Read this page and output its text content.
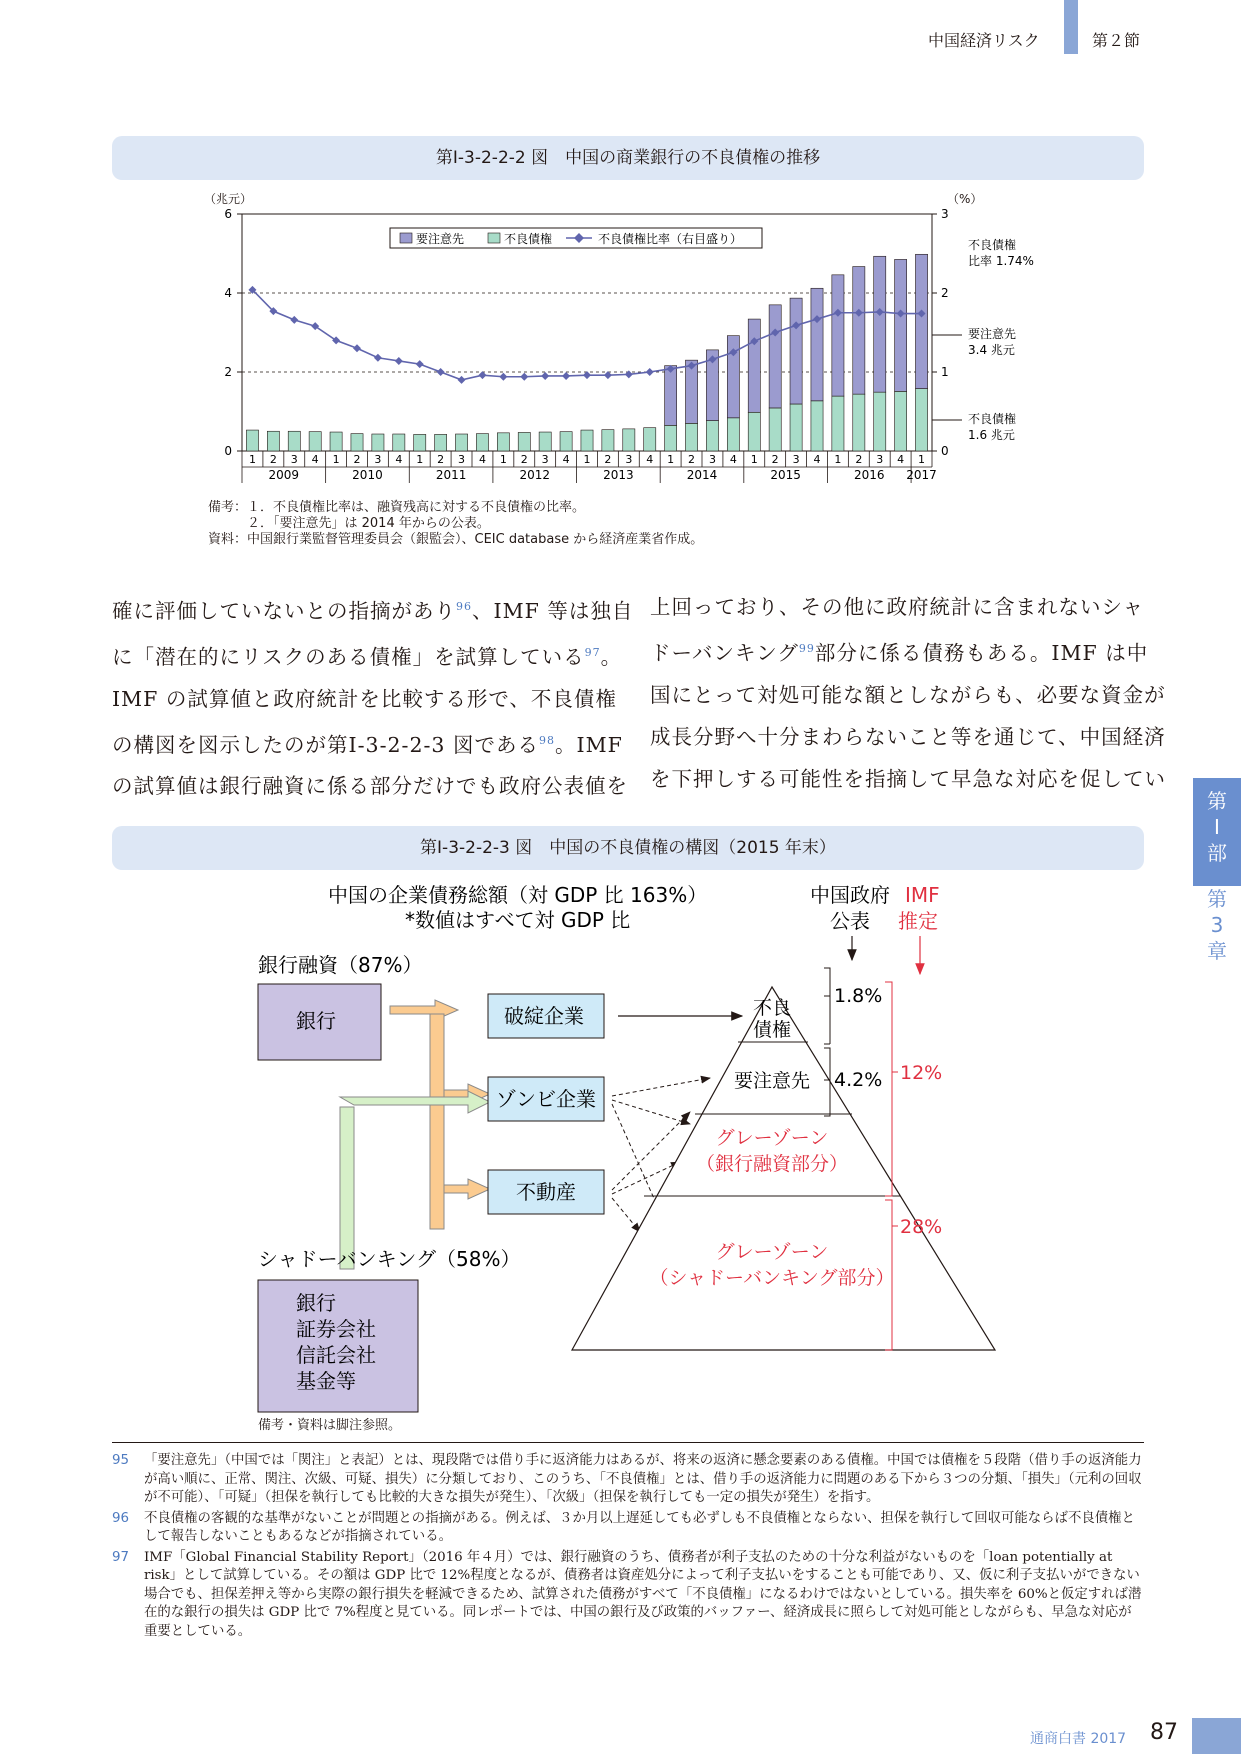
中国経済リスク	第２節
第Ⅰ-3-2-2-2 図　中国の商業銀行の不良債権の推移
（兆元）	（%）
要注意先	不良債権	不良債権比率（右目盛り）	不良債権
比率 1.74%
要注意先
3.4 兆元
不良債権
1.6 兆元
0
2
4
6
0
1
2
3
1 2 3 4 1 2 3 4 1 2 3 4 1 2 3 4 1 2 3 4 1 2 3 4 1 2 3 4 1 2 3 4 1
2009	2010	2011	2012	2013	2014	2015	2016 2017
備考：１．不良債権比率は、融資残高に対する不良債権の比率。
　　　２．「要注意先」は 2014 年からの公表。
資料：中国銀行業監督管理委員会（銀監会）、CEIC database から経済産業省作成。

確に評価していないとの指摘があり$^{96}$、IMF 等は独自

に「潜在的にリスクのある債権」を試算している$^{97}$。

IMF の試算値と政府統計を比較する形で、不良債権

の構図を図示したのが第Ⅰ-3-2-2-3 図である$^{98}$。IMF

の試算値は銀行融資に係る部分だけでも政府公表値を

上回っており、その他に政府統計に含まれないシャ

ドーバンキング$^{99}$部分に係る債務もある。IMF は中

国にとって対処可能な額としながらも、必要な資金が

成長分野へ十分まわらないこと等を通じて、中国経済

を下押しする可能性を指摘して早急な対応を促してい

第Ⅰ-3-2-2-3 図　中国の不良債権の構図（2015 年末）
中国の企業債務総額（対 GDP 比 163%）
*数値はすべて対 GDP 比
銀行融資（87%）
銀行	破綻企業
ゾンビ企業
不動産
不良
債権
要注意先
グレーゾーン
（銀行融資部分）
グレーゾーン
（シャドーバンキング部分）
中国政府
公表
IMF
推定
1.8%
4.2% 12%
28%
シャドーバンキング（58%）
銀行
証券会社
信託会社
基金等
備考・資料は脚注参照。
95	「要注意先」（中国では「関注」と表記）とは、現段階では借り手に返済能力はあるが、将来の返済に懸念要素のある債権。中国では債権を５段階（借り手の返済能力が高い順に、正常、関注、次級、可疑、損失）に分類しており、このうち、「不良債権」とは、借り手の返済能力に問題のある下から３つの分類、「損失」（元利の回収が不可能）、「可疑」（担保を執行しても比較的大きな損失が発生）、「次級」（担保を執行しても一定の損失が発生）を指す。
96	不良債権の客観的な基準がないことが問題との指摘がある。例えば、３か月以上遅延しても必ずしも不良債権とならない、担保を執行して回収可能ならば不良債権として報告しないこともあるなどが指摘されている。
97	IMF「Global Financial Stability Report」（2016 年４月）では、銀行融資のうち、債務者が利子支払のための十分な利益がないものを「loan potentially at risk」として試算している。その額は GDP 比で 12%程度となるが、債務者は資産処分によって利子支払いをすることも可能であり、又、仮に利子支払いができない場合でも、担保差押え等から実際の銀行損失を軽減できるため、試算された債務がすべて「不良債権」になるわけではないとしている。損失率を 60%と仮定すれば潜在的な銀行の損失は GDP 比で 7%程度と見ている。同レポートでは、中国の銀行及び政策的バッファー、経済成長に照らして対処可能としながらも、早急な対応が重要としている。
第
Ⅰ
部
第
3
章
通商白書 2017 87
